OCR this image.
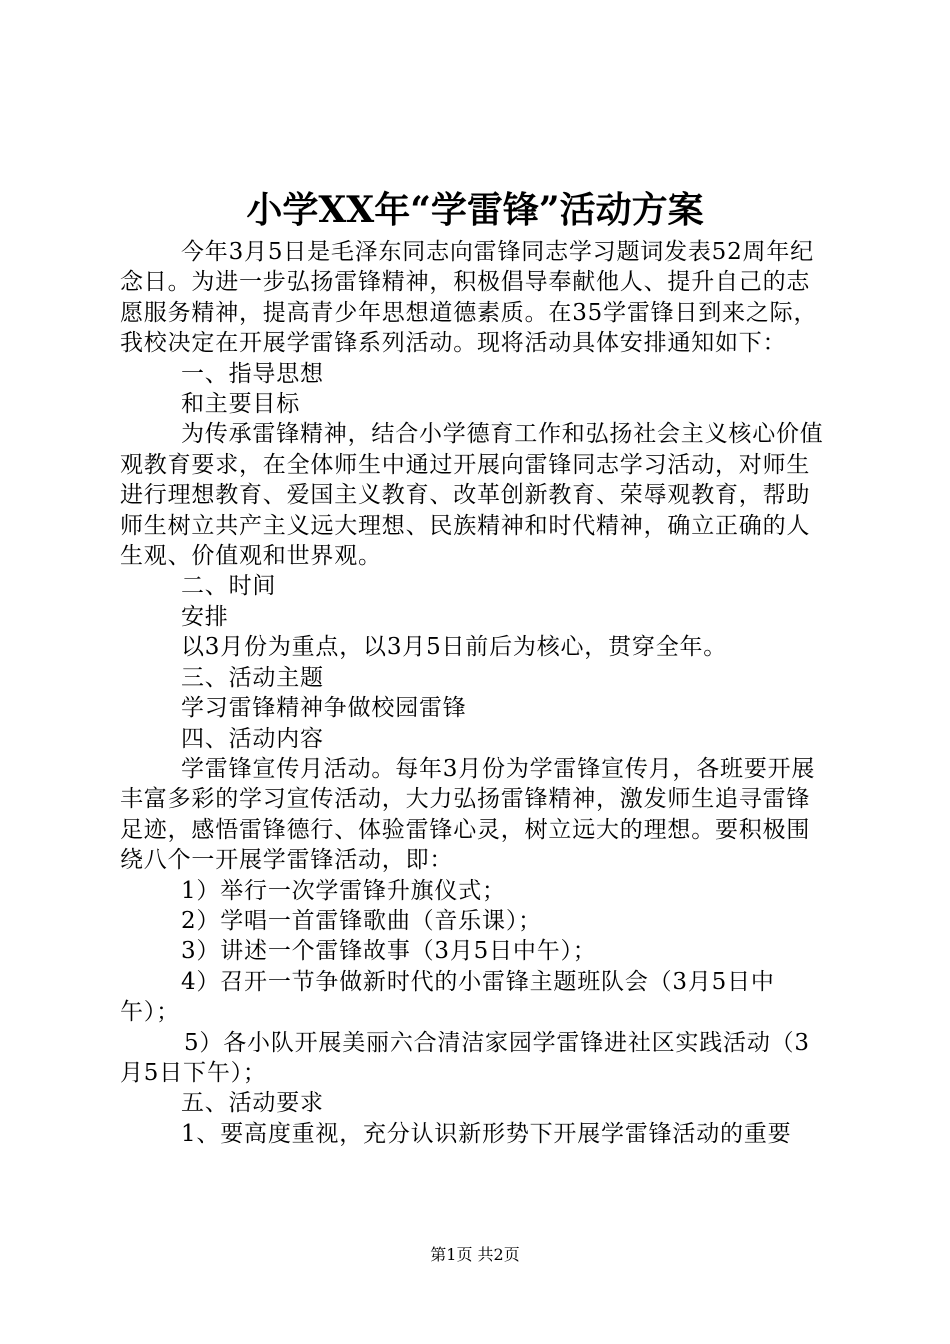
小学XX年“学雷锋”活动方案

今年3月5日是毛泽东同志向雷锋同志学习题词发表52周年纪念日。为进一步弘扬雷锋精神，积极倡导奉献他人、提升自己的志愿服务精神，提高青少年思想道德素质。在35学雷锋日到来之际，我校决定在开展学雷锋系列活动。现将活动具体安排通知如下：

一、指导思想

和主要目标

为传承雷锋精神，结合小学德育工作和弘扬社会主义核心价值观教育要求，在全体师生中通过开展向雷锋同志学习活动，对师生进行理想教育、爱国主义教育、改革创新教育、荣辱观教育，帮助师生树立共产主义远大理想、民族精神和时代精神，确立正确的人生观、价值观和世界观。

二、时间

安排

以3月份为重点，以3月5日前后为核心，贯穿全年。

三、活动主题

学习雷锋精神争做校园雷锋

四、活动内容

学雷锋宣传月活动。每年3月份为学雷锋宣传月，各班要开展丰富多彩的学习宣传活动，大力弘扬雷锋精神，激发师生追寻雷锋足迹，感悟雷锋德行、体验雷锋心灵，树立远大的理想。要积极围绕八个一开展学雷锋活动，即：

1）举行一次学雷锋升旗仪式；

2）学唱一首雷锋歌曲（音乐课）；

3）讲述一个雷锋故事（3月5日中午）；

4）召开一节争做新时代的小雷锋主题班队会（3月5日中午）；

5）各小队开展美丽六合清洁家园学雷锋进社区实践活动（3月5日下午）；

五、活动要求

1、要高度重视，充分认识新形势下开展学雷锋活动的重要

第1页 共2页
